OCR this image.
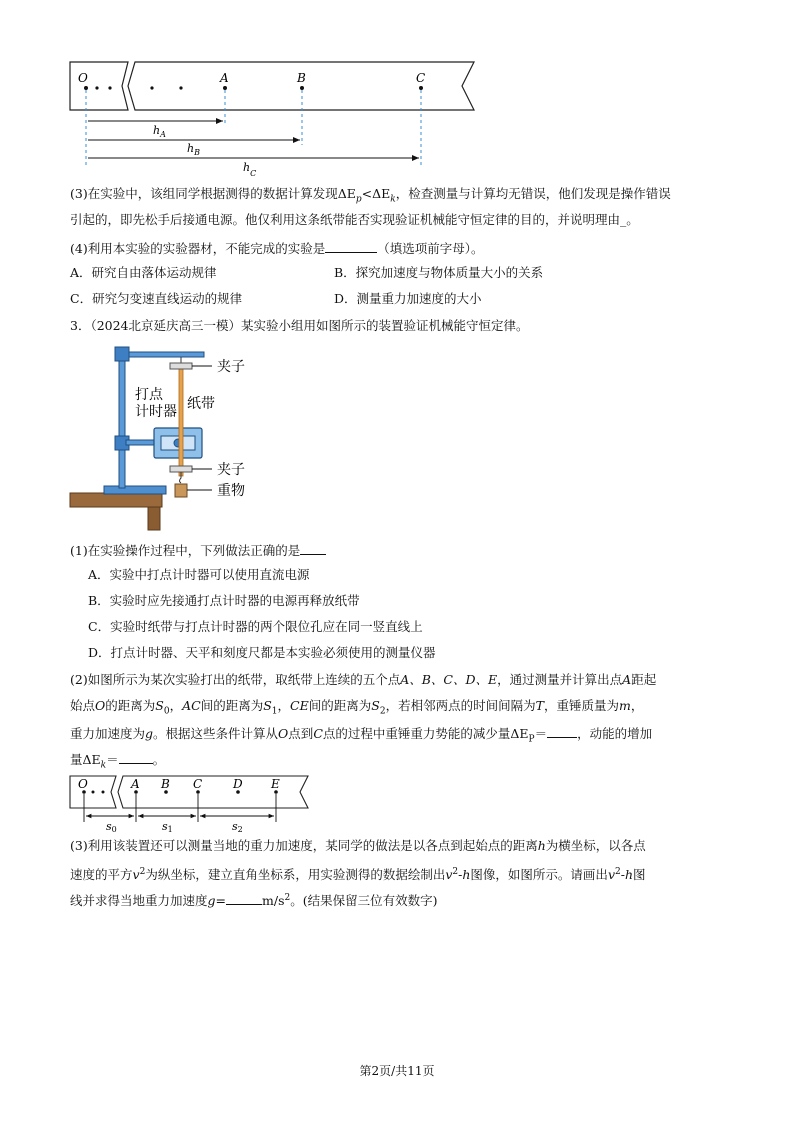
O	A	B	C
$h_A$
$h_B$
$h_C$
(3)在实验中，该组同学根据测得的数据计算发现$\Delta E_p<\Delta E_k$，检查测量与计算均无错误，他们发现是操作错误
引起的，即先松手后接通电源。他仅利用这条纸带能否实现验证机械能守恒定律的目的，并说明理由_。
(4)利用本实验的实验器材，不能完成的实验是	（填选项前字母）。
A．研究自由落体运动规律	B．探究加速度与物体质量大小的关系
C．研究匀变速直线运动的规律	D．测量重力加速度的大小
3．（2024北京延庆高三一模）某实验小组用如图所示的装置验证机械能守恒定律。
夹子
打点
计时器 纸带
夹子
重物
(1)在实验操作过程中，下列做法正确的是
A．实验中打点计时器可以使用直流电源
B．实验时应先接通打点计时器的电源再释放纸带
C．实验时纸带与打点计时器的两个限位孔应在同一竖直线上
D．打点计时器、天平和刻度尺都是本实验必须使用的测量仪器
(2)如图所示为某次实验打出的纸带，取纸带上连续的五个点A、B、C、D、E，通过测量并计算出点A距起
始点O的距离为$S_0$，AC间的距离为$S_1$，CE间的距离为$S_2$，若相邻两点的时间间隔为T，重锤质量为m，
重力加速度为g。根据这些条件计算从O点到C点的过程中重锤重力势能的减少量$\Delta E_P=$ ，动能的增加
量$\Delta E_k=$	。
O	A B C	D E
s0	s1	s2
(3)利用该装置还可以测量当地的重力加速度，某同学的做法是以各点到起始点的距离h为横坐标，以各点
速度的平方$v^2$为纵坐标，建立直角坐标系，用实验测得的数据绘制出$v^2-h$图像，如图所示。请画出$v^2-h$图
线并求得当地重力加速度g=	$m/s^2$。(结果保留三位有效数字)
第2页/共11页
